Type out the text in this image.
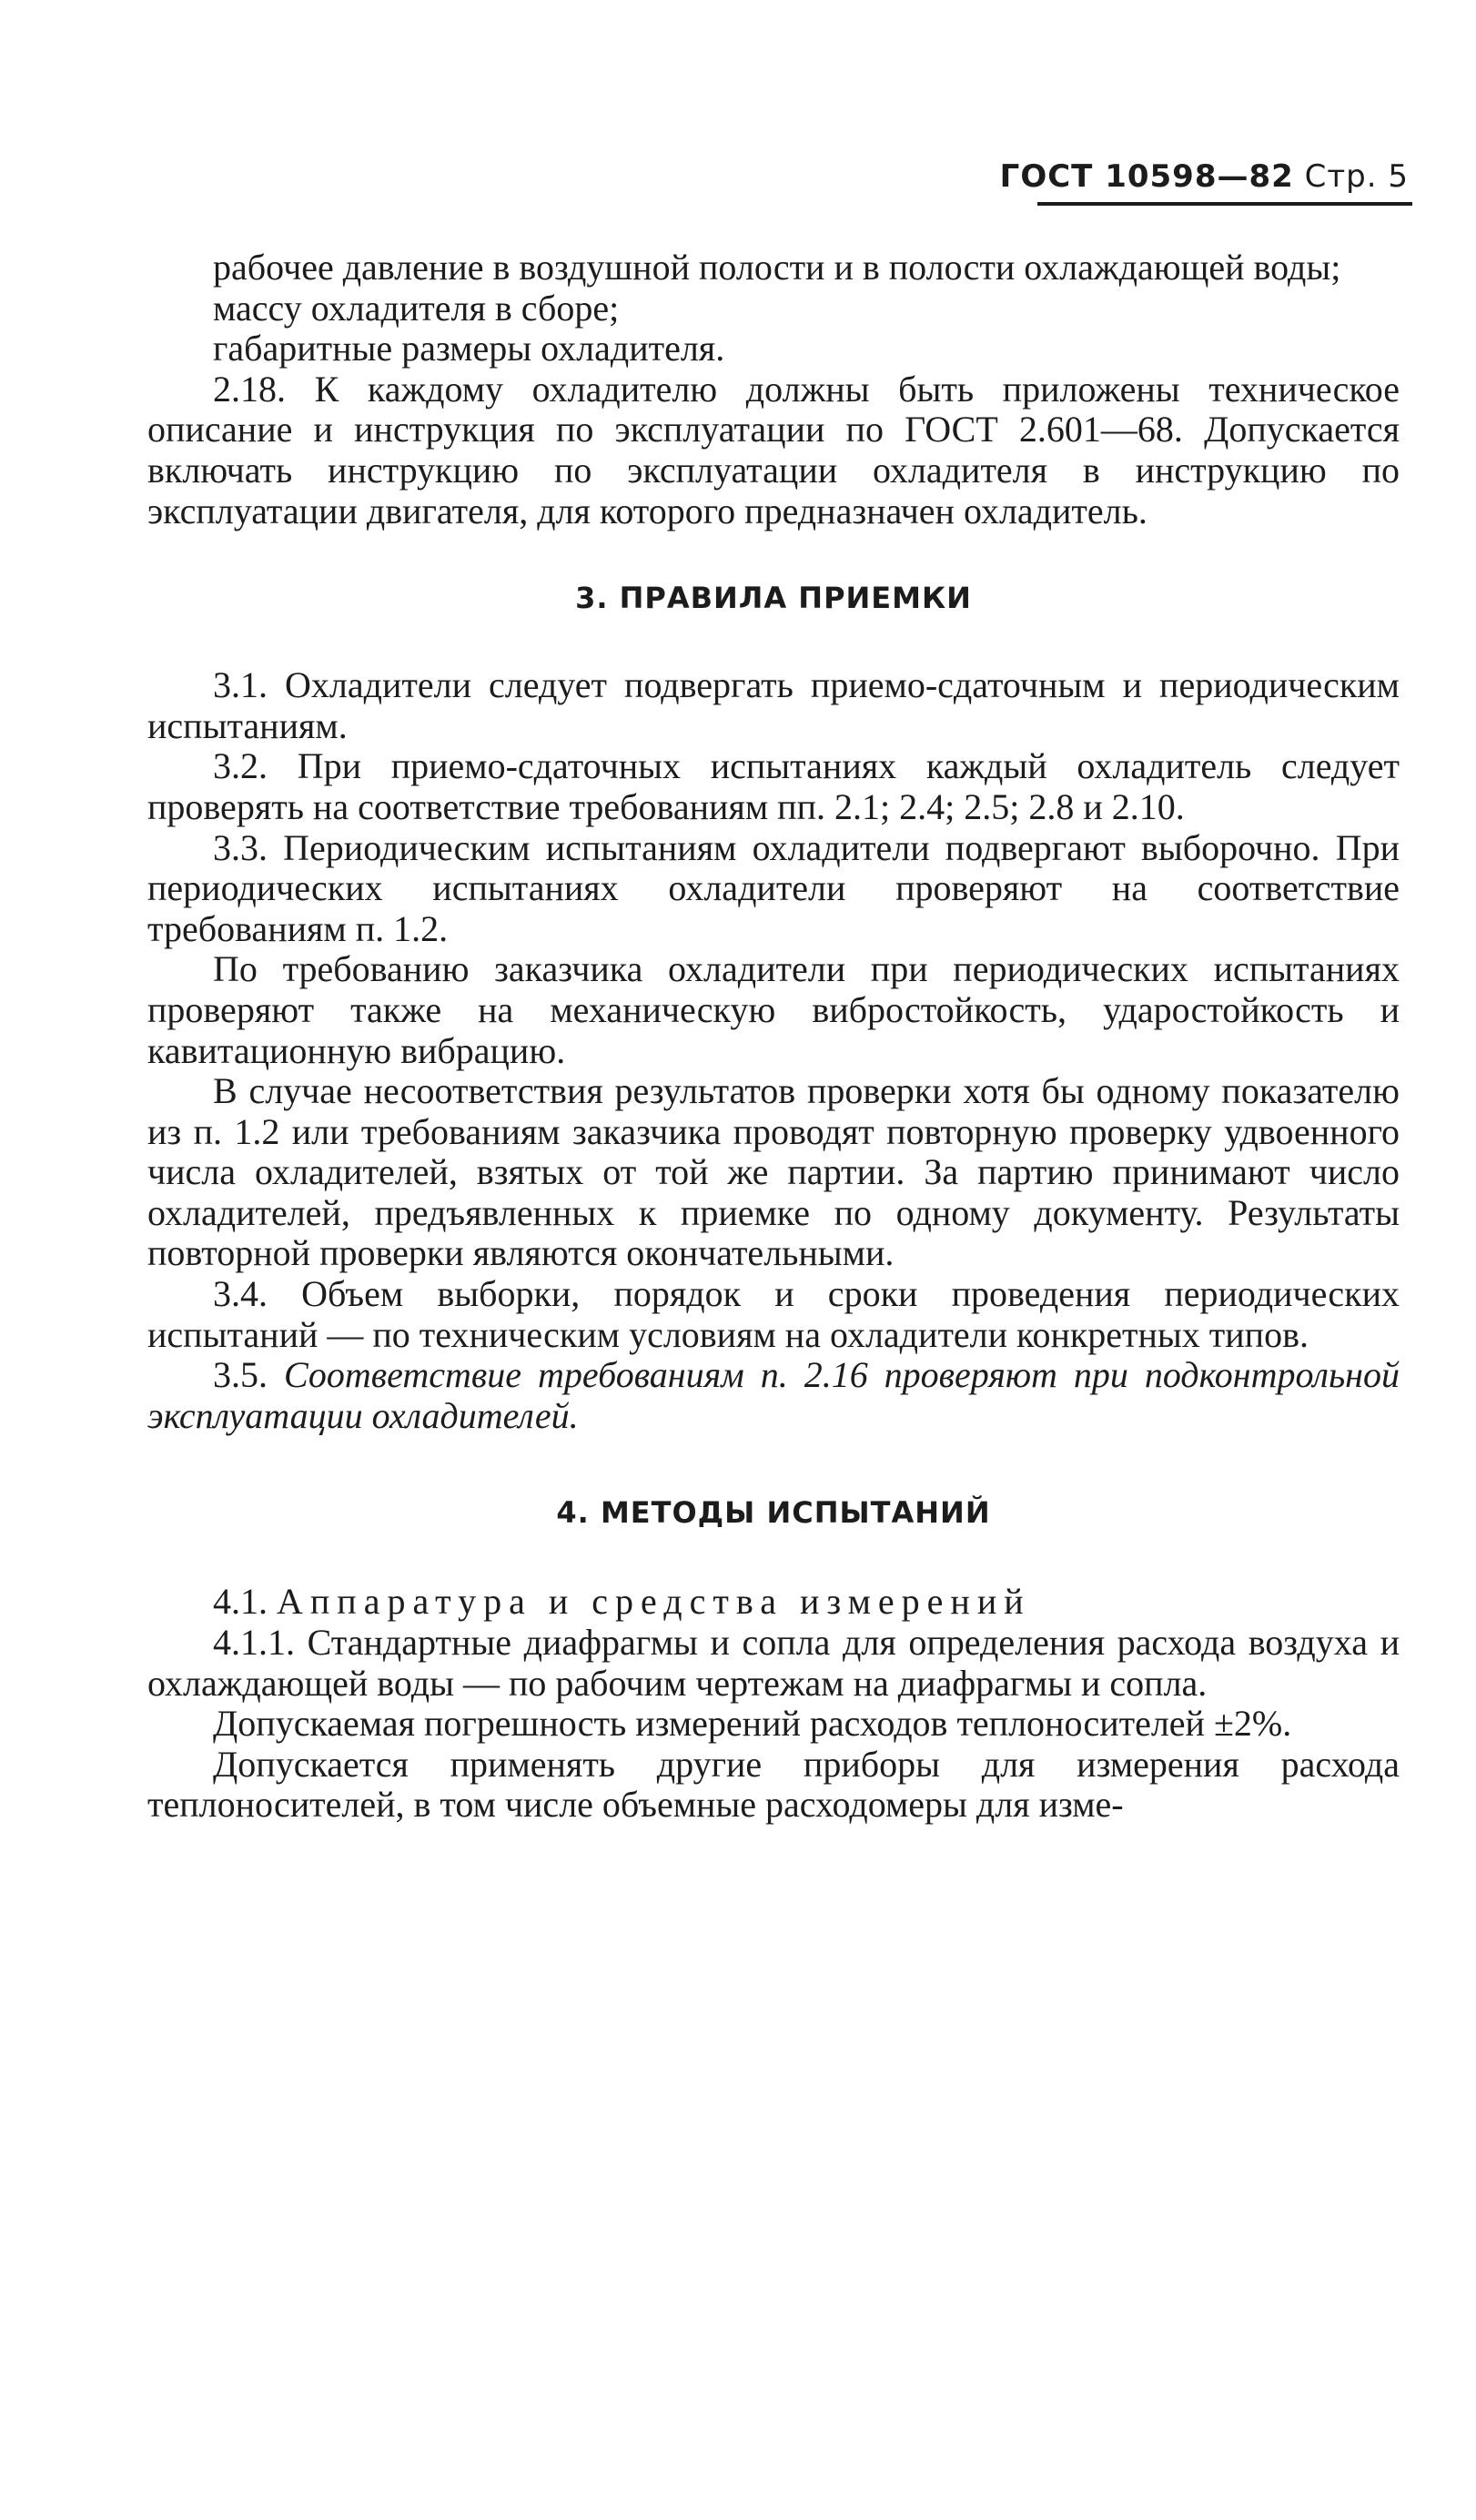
ГОСТ 10598—82 Стр. 5

рабочее давление в воздушной полости и в полости охлаждающей воды;

массу охладителя в сборе;

габаритные размеры охладителя.

2.18. К каждому охладителю должны быть приложены техническое описание и инструкция по эксплуатации по ГОСТ 2.601—68. Допускается включать инструкцию по эксплуатации охладителя в инструкцию по эксплуатации двигателя, для которого предназначен охладитель.

3. ПРАВИЛА ПРИЕМКИ

3.1. Охладители следует подвергать приемо-сдаточным и периодическим испытаниям.

3.2. При приемо-сдаточных испытаниях каждый охладитель следует проверять на соответствие требованиям пп. 2.1; 2.4; 2.5; 2.8 и 2.10.

3.3. Периодическим испытаниям охладители подвергают выборочно. При периодических испытаниях охладители проверяют на соответствие требованиям п. 1.2.

По требованию заказчика охладители при периодических испытаниях проверяют также на механическую вибростойкость, ударостойкость и кавитационную вибрацию.

В случае несоответствия результатов проверки хотя бы одному показателю из п. 1.2 или требованиям заказчика проводят повторную проверку удвоенного числа охладителей, взятых от той же партии. За партию принимают число охладителей, предъявленных к приемке по одному документу. Результаты повторной проверки являются окончательными.

3.4. Объем выборки, порядок и сроки проведения периодических испытаний — по техническим условиям на охладители конкретных типов.

3.5. Соответствие требованиям п. 2.16 проверяют при подконтрольной эксплуатации охладителей.

4. МЕТОДЫ ИСПЫТАНИЙ

4.1. Аппаратура и средства измерений

4.1.1. Стандартные диафрагмы и сопла для определения расхода воздуха и охлаждающей воды — по рабочим чертежам на диафрагмы и сопла.

Допускаемая погрешность измерений расходов теплоносителей ±2%.

Допускается применять другие приборы для измерения расхода теплоносителей, в том числе объемные расходомеры для изме-
